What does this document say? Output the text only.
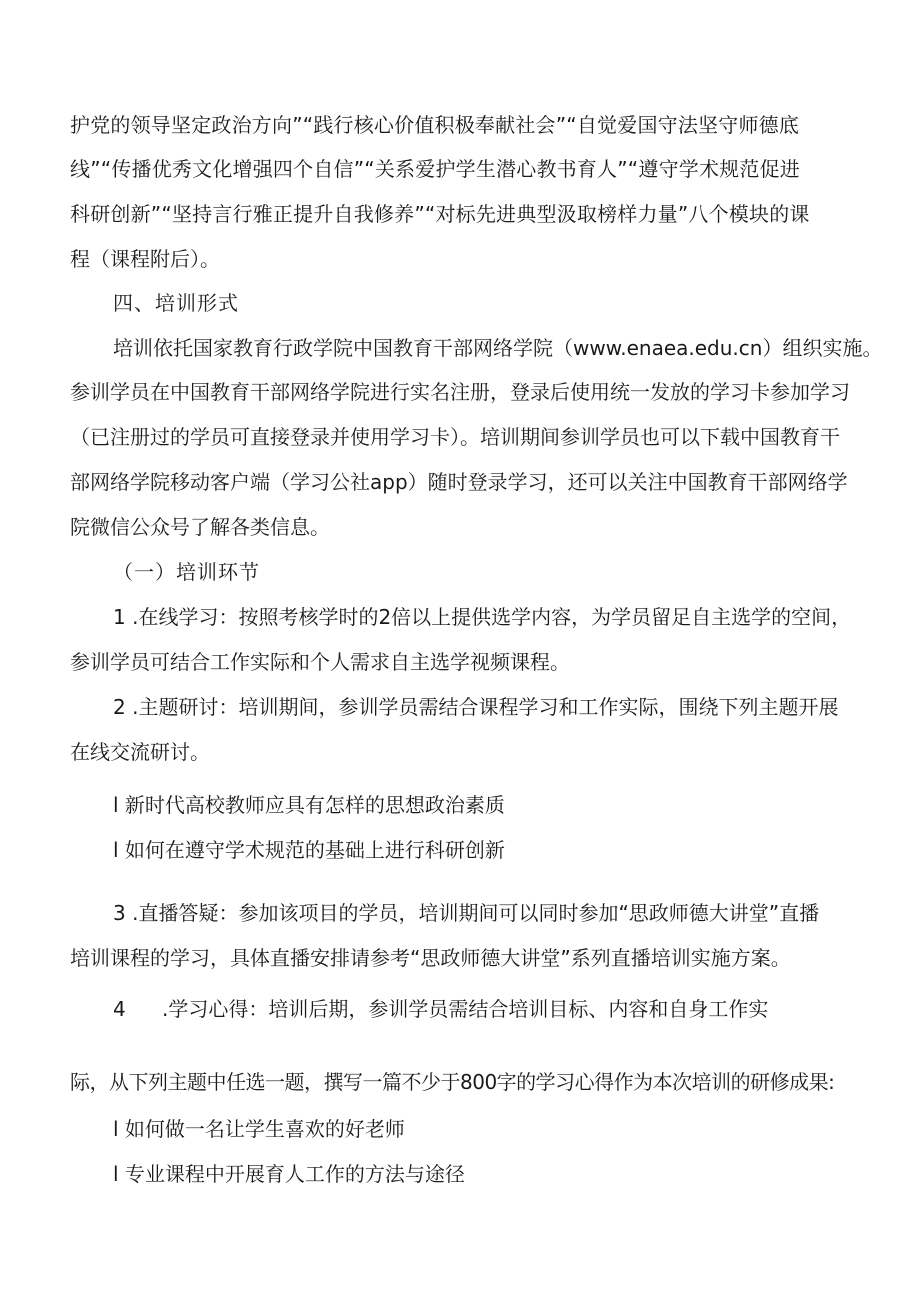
护党的领导坚定政治方向”“践行核心价值积极奉献社会”“自觉爱国守法坚守师德底
线”“传播优秀文化增强四个自信”“关系爱护学生潜心教书育人”“遵守学术规范促进
科研创新”“坚持言行雅正提升自我修养”“对标先进典型汲取榜样力量”八个模块的课
程（课程附后）。
四、培训形式
培训依托国家教育行政学院中国教育干部网络学院（www.enaea.edu.cn）组织实施。
参训学员在中国教育干部网络学院进行实名注册，登录后使用统一发放的学习卡参加学习
（已注册过的学员可直接登录并使用学习卡）。培训期间参训学员也可以下载中国教育干
部网络学院移动客户端（学习公社app）随时登录学习，还可以关注中国教育干部网络学
院微信公众号了解各类信息。
（一）培训环节
1 .在线学习：按照考核学时的2倍以上提供选学内容，为学员留足自主选学的空间，
参训学员可结合工作实际和个人需求自主选学视频课程。
2 .主题研讨：培训期间，参训学员需结合课程学习和工作实际，围绕下列主题开展
在线交流研讨。
l 新时代高校教师应具有怎样的思想政治素质
l 如何在遵守学术规范的基础上进行科研创新
3 .直播答疑：参加该项目的学员，培训期间可以同时参加“思政师德大讲堂”直播
培训课程的学习，具体直播安排请参考“思政师德大讲堂”系列直播培训实施方案。
4 .学习心得：培训后期，参训学员需结合培训目标、内容和自身工作实
际，从下列主题中任选一题，撰写一篇不少于800字的学习心得作为本次培训的研修成果:
l 如何做一名让学生喜欢的好老师
l 专业课程中开展育人工作的方法与途径
